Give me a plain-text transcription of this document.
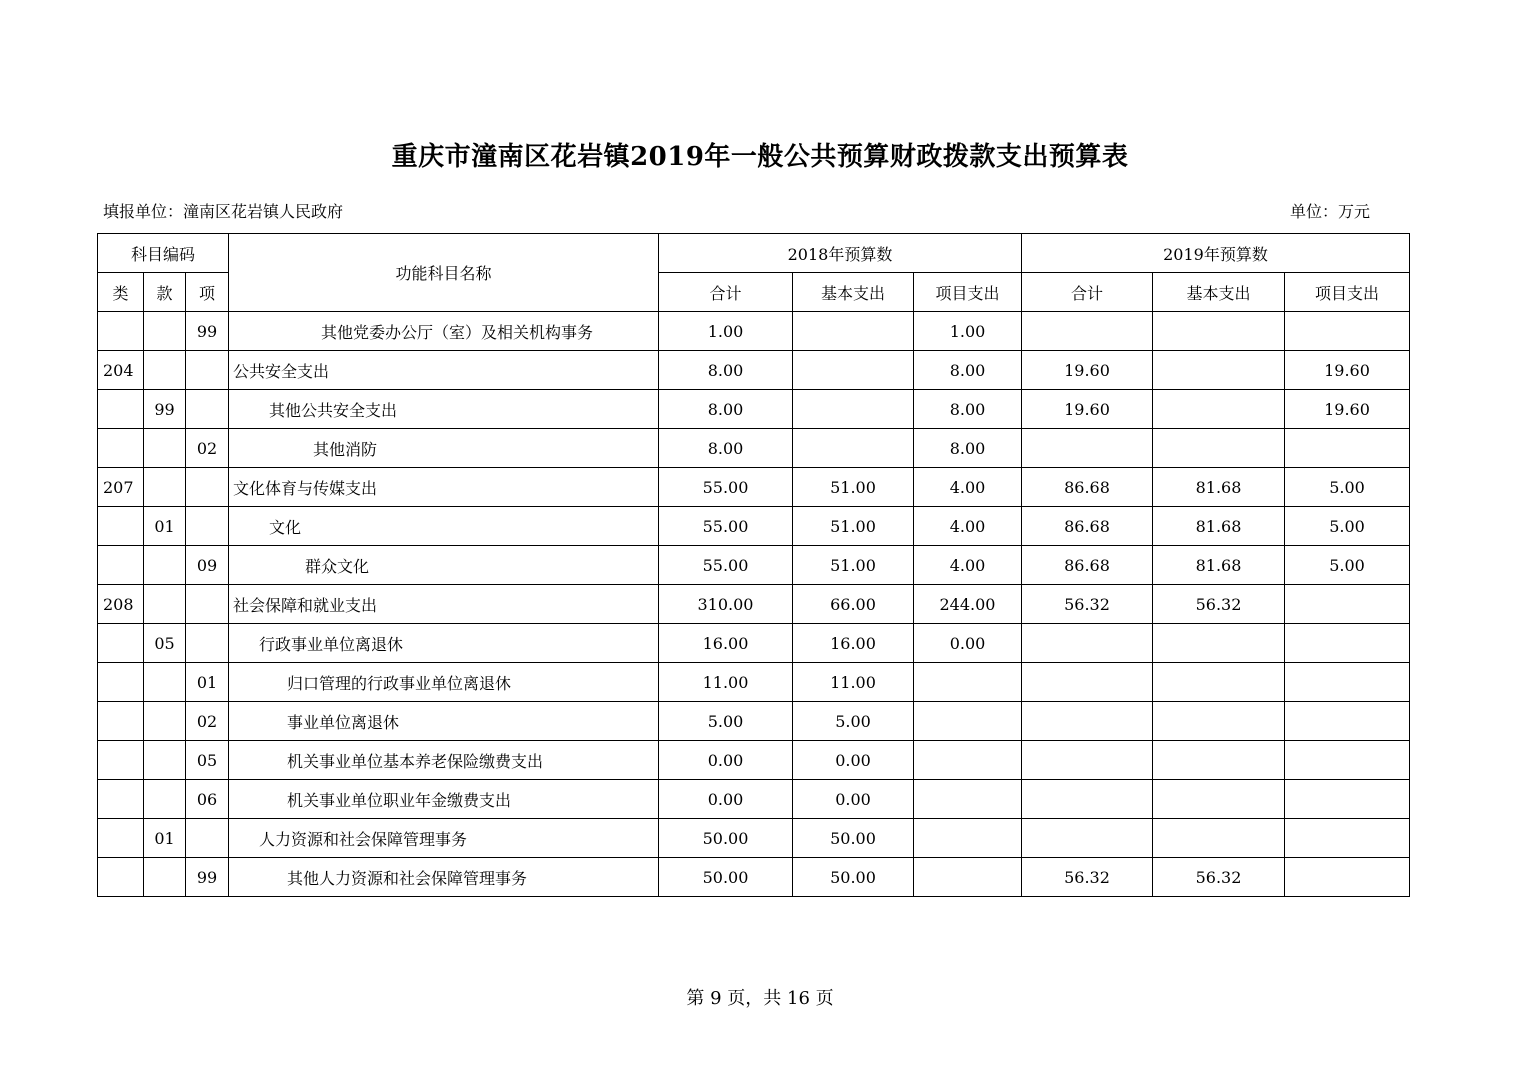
重庆市潼南区花岩镇2019年一般公共预算财政拨款支出预算表
填报单位：潼南区花岩镇人民政府	单位：万元
科目编码			功能科目名称	2018年预算数			2019年预算数		
类	款	项		合计	基本支出	项目支出	合计	基本支出	项目支出
		99	其他党委办公厅（室）及相关机构事务	1.00		1.00			
204			公共安全支出	8.00		8.00	19.60		19.60
	99		其他公共安全支出	8.00		8.00	19.60		19.60
		02	其他消防	8.00		8.00			
207			文化体育与传媒支出	55.00	51.00	4.00	86.68	81.68	5.00
	01		文化	55.00	51.00	4.00	86.68	81.68	5.00
		09	群众文化	55.00	51.00	4.00	86.68	81.68	5.00
208			社会保障和就业支出	310.00	66.00	244.00	56.32	56.32	
	05		行政事业单位离退休	16.00	16.00	0.00			
		01	归口管理的行政事业单位离退休	11.00	11.00				
		02	事业单位离退休	5.00	5.00				
		05	机关事业单位基本养老保险缴费支出	0.00	0.00				
		06	机关事业单位职业年金缴费支出	0.00	0.00				
	01		人力资源和社会保障管理事务	50.00	50.00				
		99	其他人力资源和社会保障管理事务	50.00	50.00		56.32	56.32	
第 9 页，共 16 页
